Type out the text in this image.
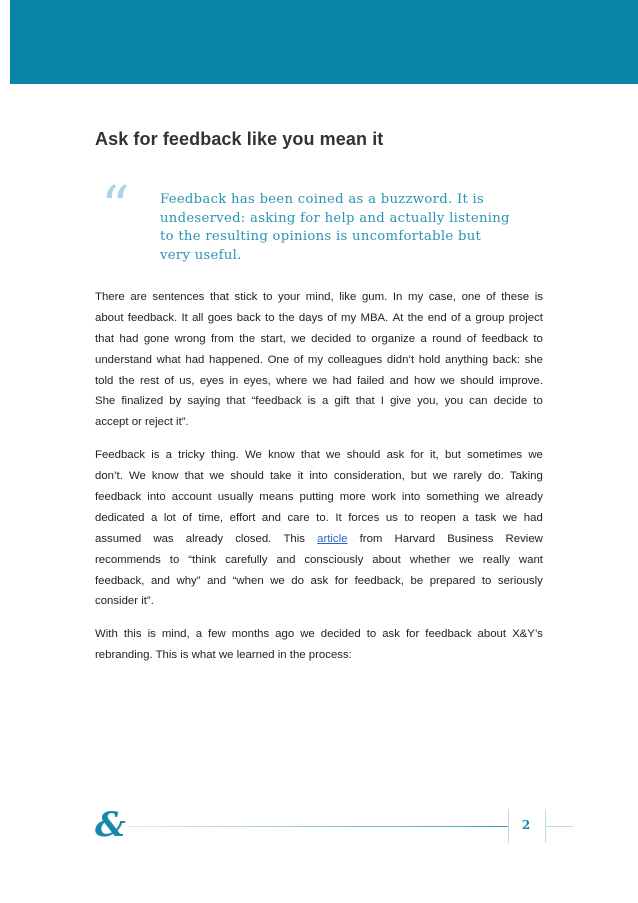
Ask for feedback like you mean it
“ Feedback has been coined as a buzzword. It is
undeserved: asking for help and actually listening
to the resulting opinions is uncomfortable but
very useful.
There are sentences that stick to your mind, like gum. In my case, one of these is
about feedback. It all goes back to the days of my MBA. At the end of a group project
that had gone wrong from the start, we decided to organize a round of feedback to
understand what had happened. One of my colleagues didn’t hold anything back: she
told the rest of us, eyes in eyes, where we had failed and how we should improve.
She finalized by saying that “feedback is a gift that I give you, you can decide to
accept or reject it”.
Feedback is a tricky thing. We know that we should ask for it, but sometimes we
don’t. We know that we should take it into consideration, but we rarely do. Taking
feedback into account usually means putting more work into something we already
dedicated a lot of time, effort and care to. It forces us to reopen a task we had
assumed was already closed. This article from Harvard Business Review
recommends to “think carefully and consciously about whether we really want
feedback, and why” and “when we do ask for feedback, be prepared to seriously
consider it”.
With this is mind, a few months ago we decided to ask for feedback about X&Y’s
rebranding. This is what we learned in the process:
&	2
